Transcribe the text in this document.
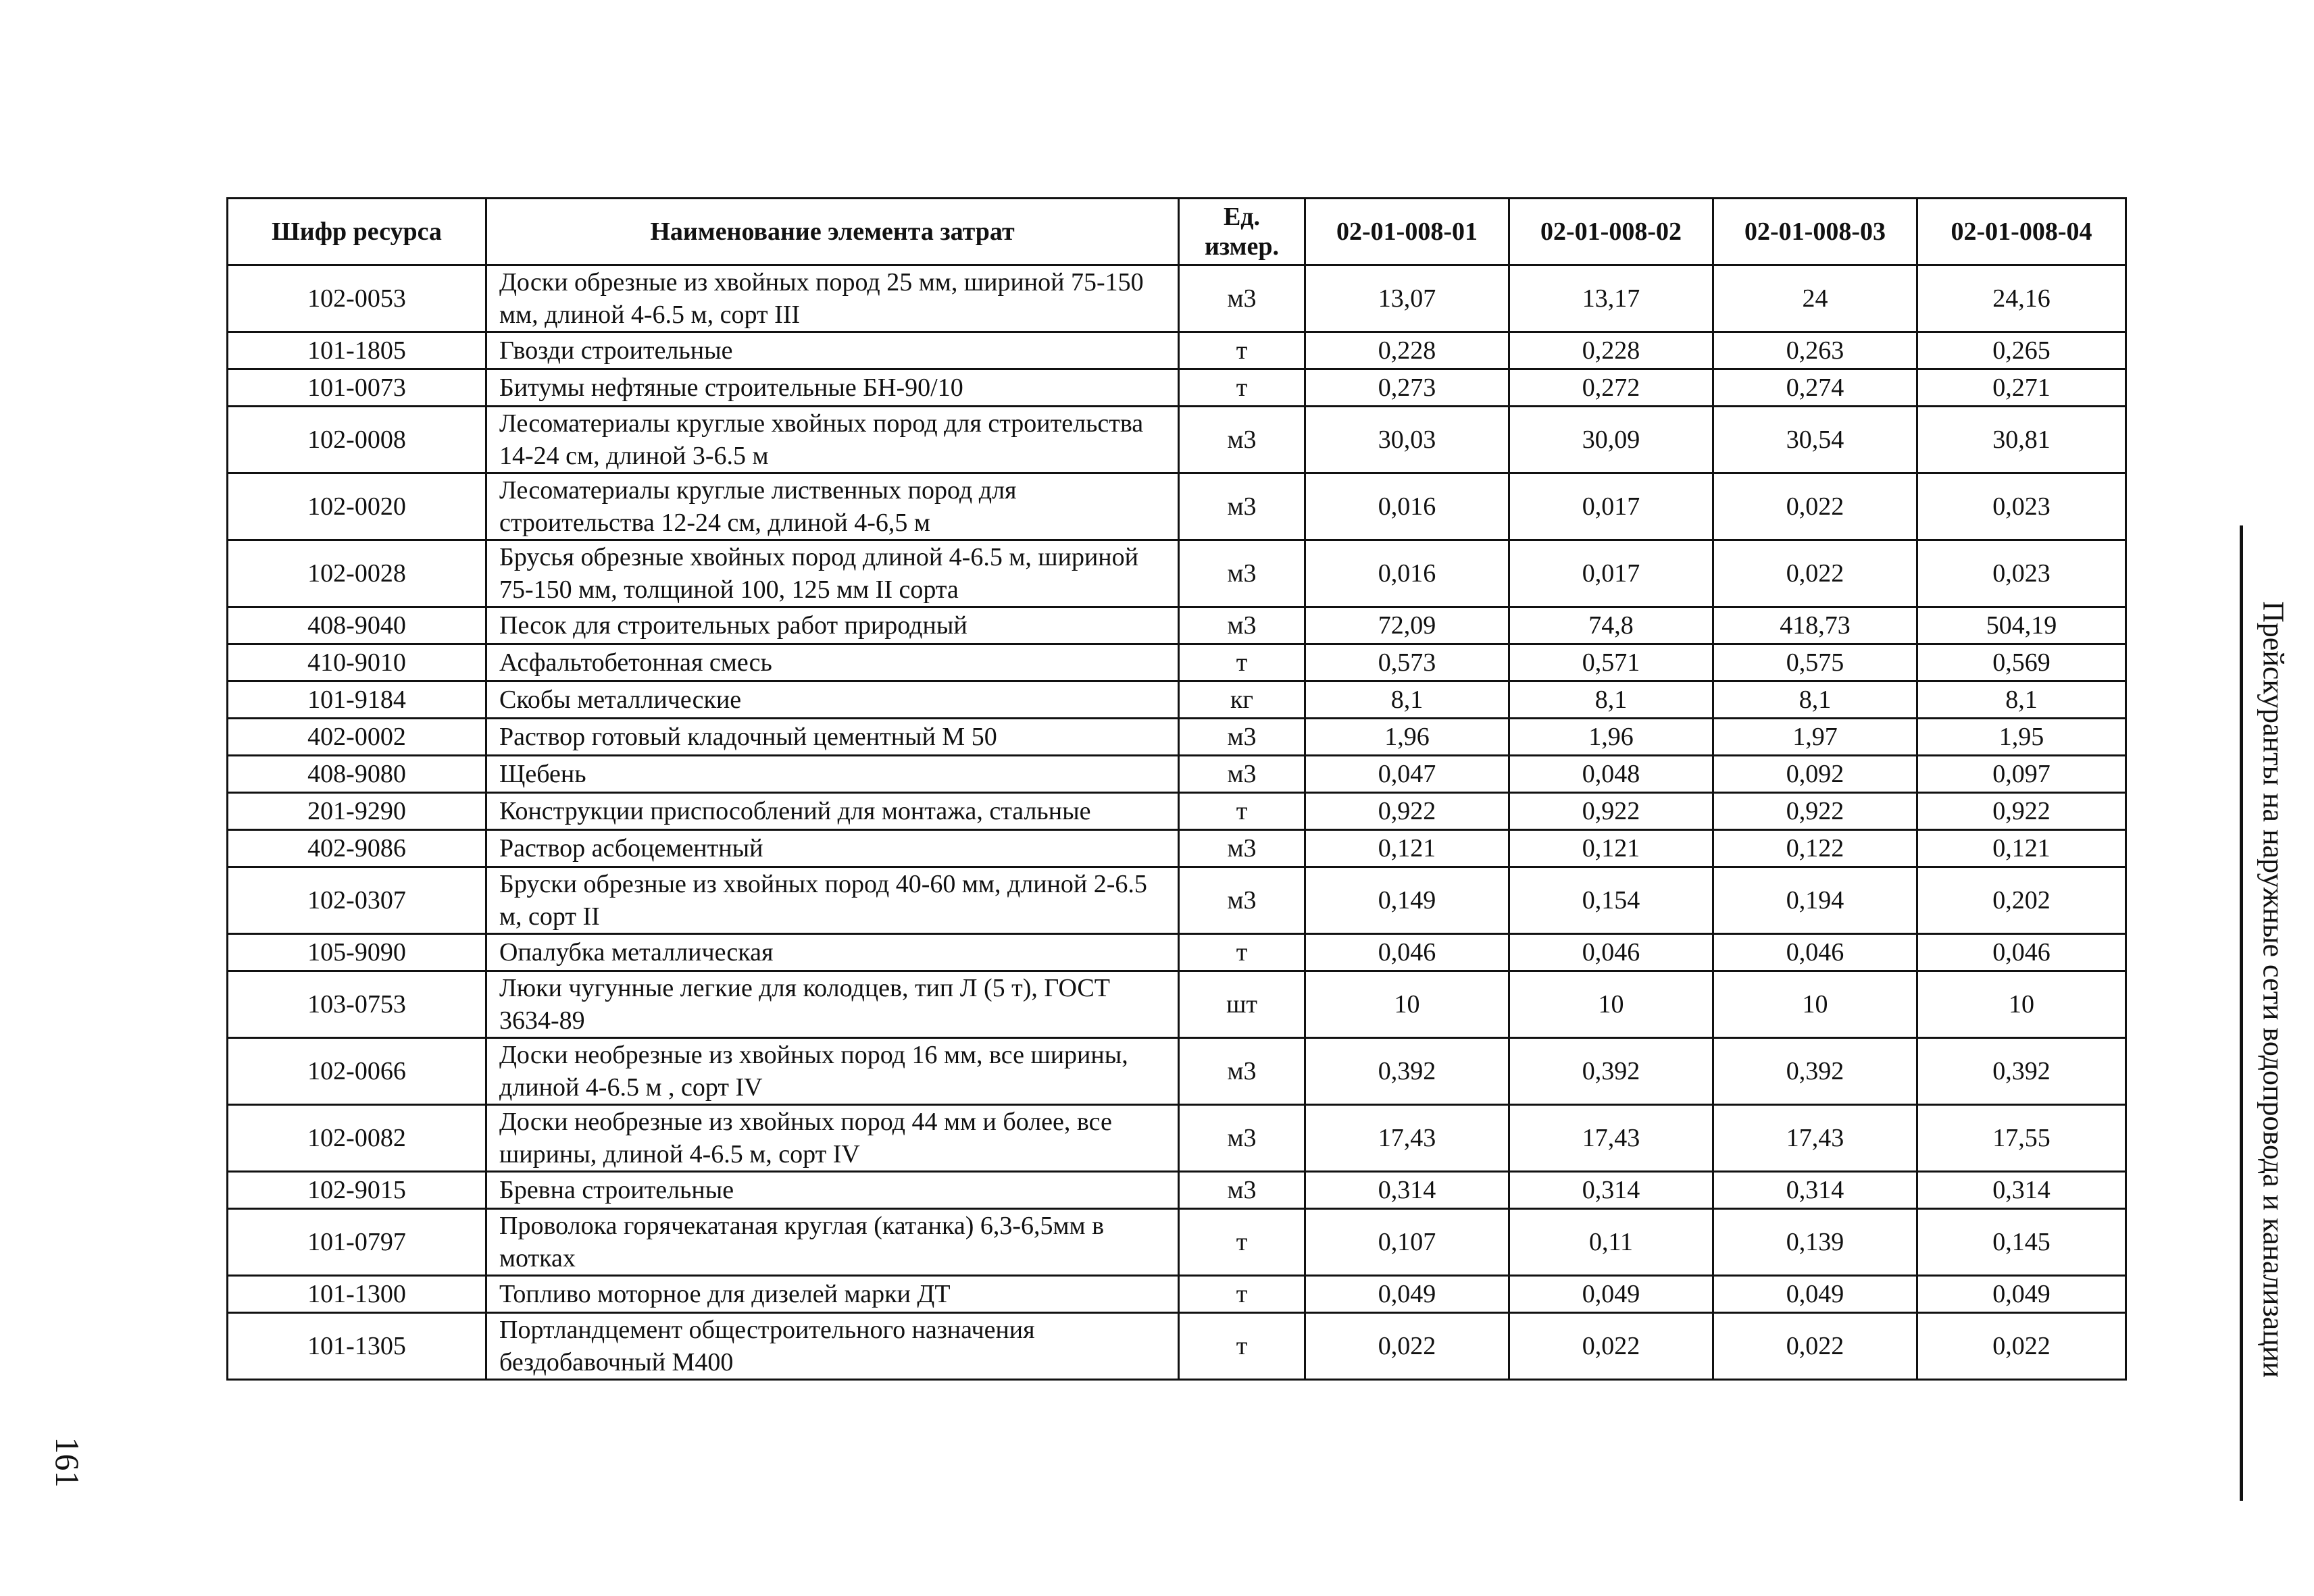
Шифр ресурса	Наименование элемента затрат	Ед. измер.	02-01-008-01	02-01-008-02	02-01-008-03	02-01-008-04
102-0053	Доски обрезные из хвойных пород 25 мм, шириной 75-150 мм, длиной 4-6.5 м, сорт III	м3	13,07	13,17	24	24,16
101-1805	Гвозди строительные	т	0,228	0,228	0,263	0,265
101-0073	Битумы нефтяные строительные БН-90/10	т	0,273	0,272	0,274	0,271
102-0008	Лесоматериалы круглые хвойных пород для строительства 14-24 см, длиной 3-6.5 м	м3	30,03	30,09	30,54	30,81
102-0020	Лесоматериалы круглые лиственных пород для строительства 12-24 см, длиной 4-6,5 м	м3	0,016	0,017	0,022	0,023
102-0028	Брусья обрезные хвойных пород длиной 4-6.5 м, шириной 75-150 мм, толщиной 100, 125 мм II сорта	м3	0,016	0,017	0,022	0,023
408-9040	Песок для строительных работ природный	м3	72,09	74,8	418,73	504,19
410-9010	Асфальтобетонная смесь	т	0,573	0,571	0,575	0,569
101-9184	Скобы металлические	кг	8,1	8,1	8,1	8,1
402-0002	Раствор готовый кладочный цементный М 50	м3	1,96	1,96	1,97	1,95
408-9080	Щебень	м3	0,047	0,048	0,092	0,097
201-9290	Конструкции приспособлений для монтажа, стальные	т	0,922	0,922	0,922	0,922
402-9086	Раствор асбоцементный	м3	0,121	0,121	0,122	0,121
102-0307	Бруски обрезные из хвойных пород 40-60 мм, длиной 2-6.5 м, сорт II	м3	0,149	0,154	0,194	0,202
105-9090	Опалубка металлическая	т	0,046	0,046	0,046	0,046
103-0753	Люки чугунные легкие для колодцев, тип Л (5 т), ГОСТ 3634-89	шт	10	10	10	10
102-0066	Доски необрезные из хвойных пород 16 мм, все ширины, длиной 4-6.5 м , сорт IV	м3	0,392	0,392	0,392	0,392
102-0082	Доски необрезные из хвойных пород 44 мм и более, все ширины, длиной 4-6.5 м, сорт IV	м3	17,43	17,43	17,43	17,55
102-9015	Бревна строительные	м3	0,314	0,314	0,314	0,314
101-0797	Проволока горячекатаная круглая (катанка) 6,3-6,5мм в мотках	т	0,107	0,11	0,139	0,145
101-1300	Топливо моторное для дизелей марки ДТ	т	0,049	0,049	0,049	0,049
101-1305	Портландцемент общестроительного назначения бездобавочный М400	т	0,022	0,022	0,022	0,022	Прейскуранты на наружные сети водопровода и канализации
161
